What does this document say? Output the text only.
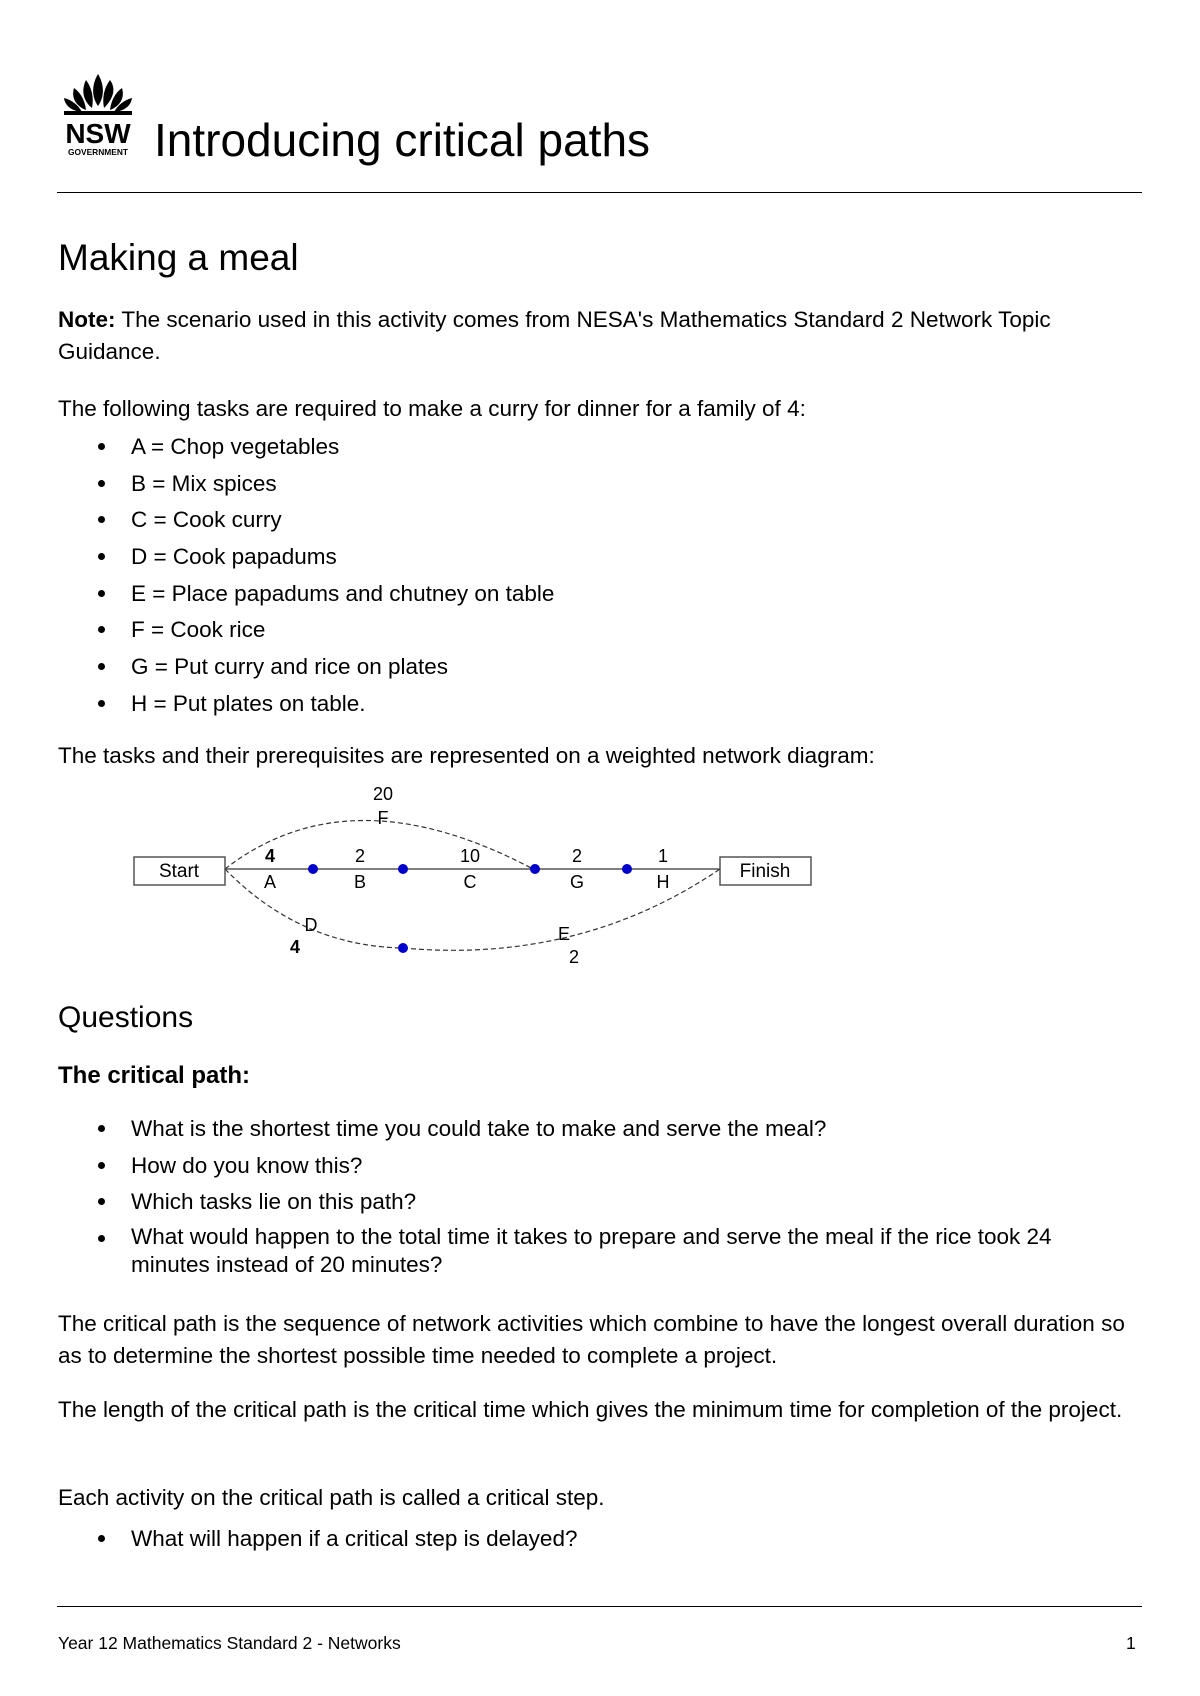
NSW
GOVERNMENT Introducing critical paths
Making a meal
Note: The scenario used in this activity comes from NESA's Mathematics Standard 2 Network Topic Guidance.
The following tasks are required to make a curry for dinner for a family of 4:
A = Chop vegetables
B = Mix spices
C = Cook curry
D = Cook papadums
E = Place papadums and chutney on table
F = Cook rice
G = Put curry and rice on plates
H = Put plates on table.
The tasks and their prerequisites are represented on a weighted network diagram:
Start	Finish
4
A
2
B
10
C
2
G
1
H
20
F
D
4
E
2
Questions
The critical path:
What is the shortest time you could take to make and serve the meal?
How do you know this?
Which tasks lie on this path?
What would happen to the total time it takes to prepare and serve the meal if the rice took 24 minutes instead of 20 minutes?
The critical path is the sequence of network activities which combine to have the longest overall duration so as to determine the shortest possible time needed to complete a project.
The length of the critical path is the critical time which gives the minimum time for completion of the project.
Each activity on the critical path is called a critical step.
What will happen if a critical step is delayed?
Year 12 Mathematics Standard 2 - Networks	1
